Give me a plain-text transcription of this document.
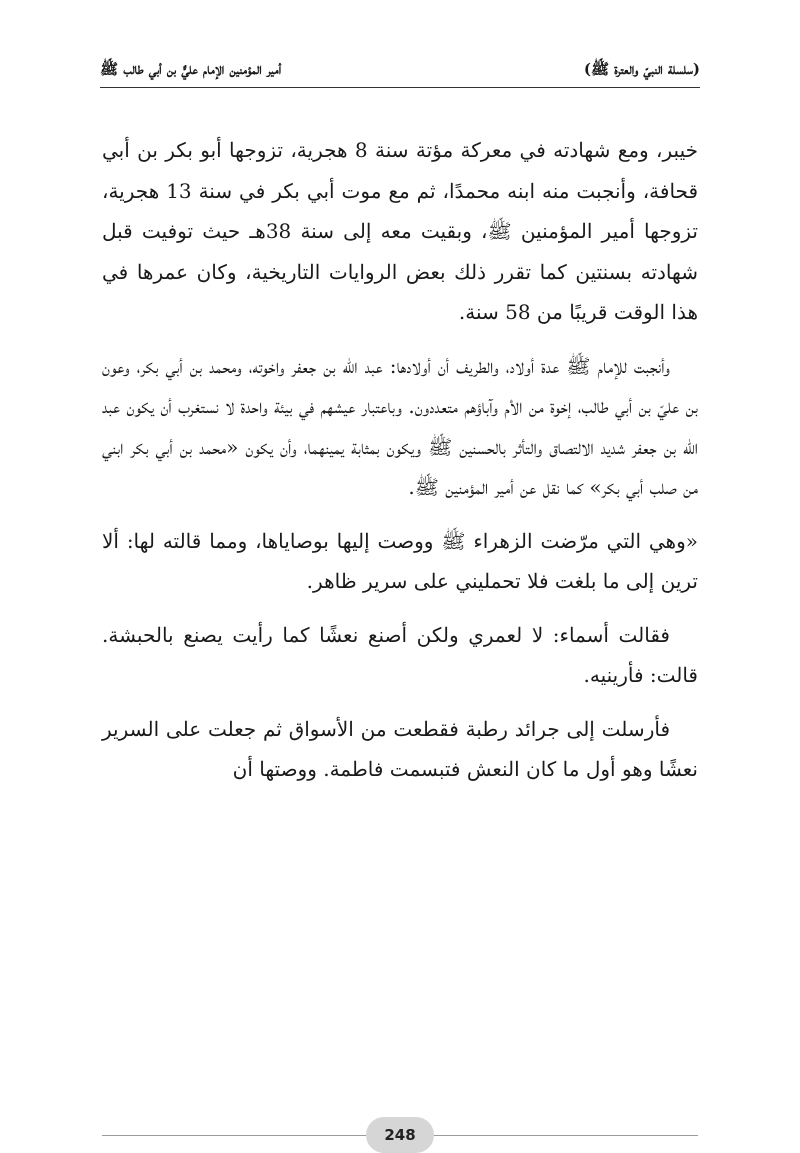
(سلسلة النبيّ والعترة ﷺ)
أمير المؤمنين الإمام عليٌّ بن أبي طالب ﷺ

خيبر، ومع شهادته في معركة مؤتة سنة 8 هجرية، تزوجها أبو بكر بن أبي قحافة، وأنجبت منه ابنه محمدًا، ثم مع موت أبي بكر في سنة 13 هجرية، تزوجها أمير المؤمنين ﷺ، وبقيت معه إلى سنة 38هـ حيث توفيت قبل شهادته بسنتين كما تقرر ذلك بعض الروايات التاريخية، وكان عمرها في هذا الوقت قريبًا من 58 سنة.

وأنجبت للإمام ﷺ عدة أولاد، والطريف أن أولادها: عبد الله بن جعفر واخوته، ومحمد بن أبي بكر، وعون بن عليّ بن أبي طالب، إخوة من الأم وآباؤهم متعددون. وباعتبار عيشهم في بيئة واحدة لا نستغرب أن يكون عبد الله بن جعفر شديد الالتصاق والتأثر بالحسنين ﷺ ويكون بمثابة يمينهما، وأن يكون «محمد بن أبي بكر ابني من صلب أبي بكر» كما نقل عن أمير المؤمنين ﷺ.

«وهي التي مرّضت الزهراء ﷺ ووصت إليها بوصاياها، ومما قالته لها: ألا ترين إلى ما بلغت فلا تحمليني على سرير ظاهر.

فقالت أسماء: لا لعمري ولكن أصنع نعشًا كما رأيت يصنع بالحبشة. قالت: فأرينيه.

فأرسلت إلى جرائد رطبة فقطعت من الأسواق ثم جعلت على السرير نعشًا وهو أول ما كان النعش فتبسمت فاطمة. ووصتها أن

248
